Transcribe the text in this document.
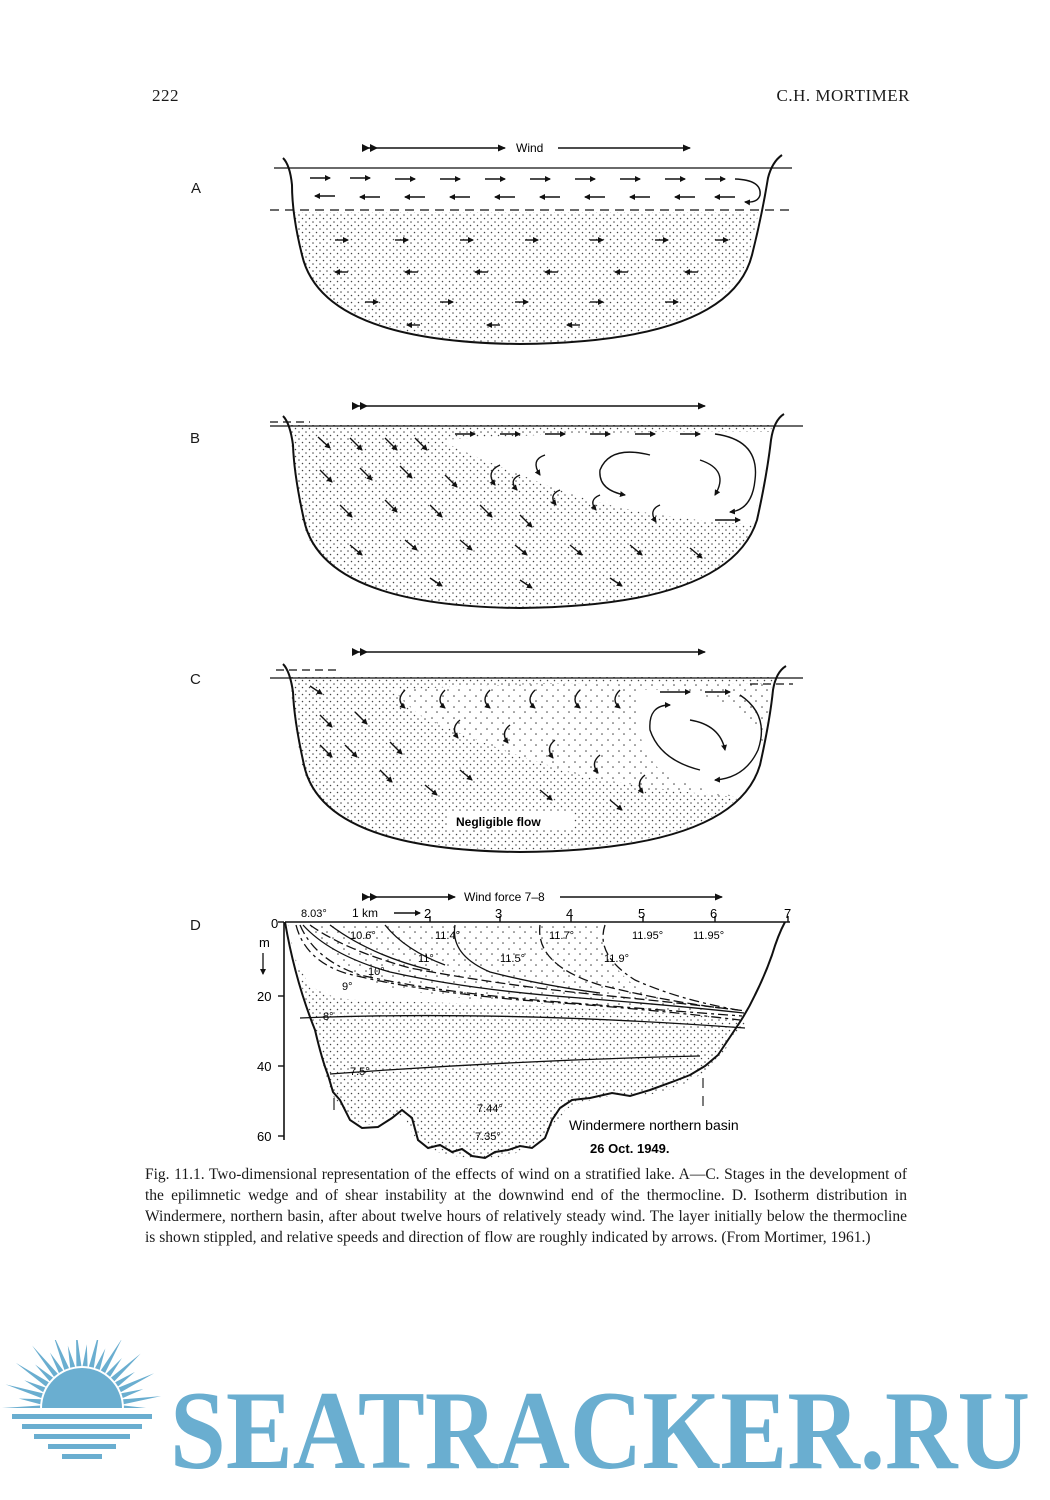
222	C.H. MORTIMER
A
B
C
D
Wind
Negligible flow
Wind force 7–8
1 km	2	3	4	5	6	7
0
m
20
40
60
8.03°
10.6°	11.4°	11.7°	11.95°	11.95°
11°	11.5°	11.9°
10°
9°
8°
7.5°
7.44°
7.35°
Windermere northern basin
26 Oct. 1949.
Fig. 11.1. Two-dimensional representation of the effects of wind on a stratified lake. A—C. Stages in the development of the epilimnetic wedge and of shear instability at the downwind end of the thermocline. D. Isotherm distribution in Windermere, northern basin, after about twelve hours of relatively steady wind. The layer initially below the thermocline is shown stippled, and relative speeds and direction of flow are roughly indicated by arrows. (From Mortimer, 1961.)
SEATRACKER.RU
